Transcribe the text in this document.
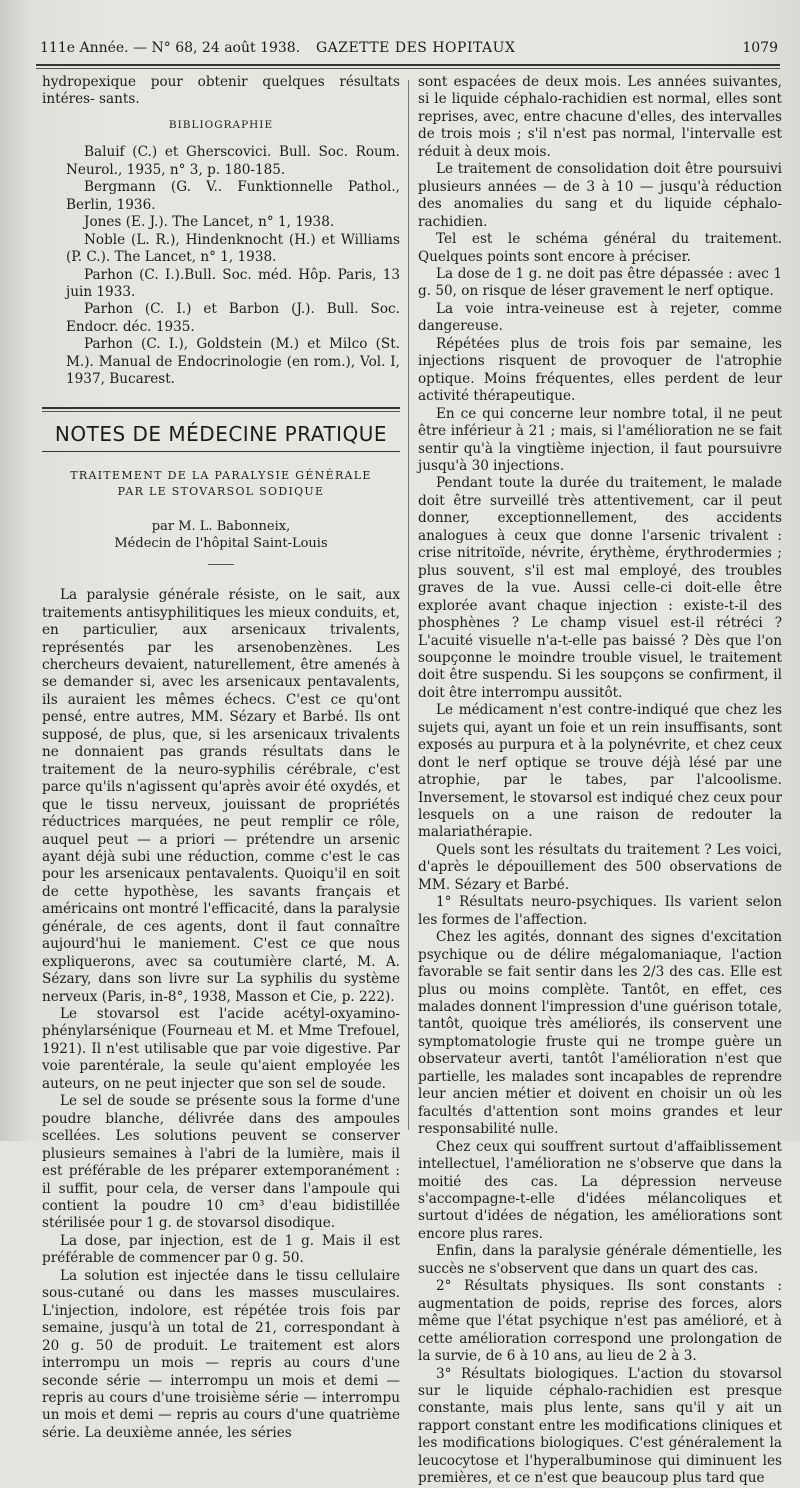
111e Année. — N° 68, 24 août 1938. GAZETTE DES HOPITAUX	1079

hydropexique pour obtenir quelques résultats intéres- sants.

BIBLIOGRAPHIE

Baluif (C.) et Gherscovici. Bull. Soc. Roum. Neurol., 1935, n° 3, p. 180-185.

Bergmann (G. V.. Funktionnelle Pathol., Berlin, 1936.

Jones (E. J.). The Lancet, n° 1, 1938.

Noble (L. R.), Hindenknocht (H.) et Williams (P. C.). The Lancet, n° 1, 1938.

Parhon (C. I.).Bull. Soc. méd. Hôp. Paris, 13 juin 1933.

Parhon (C. I.) et Barbon (J.). Bull. Soc. Endocr. déc. 1935.

Parhon (C. I.), Goldstein (M.) et Milco (St. M.). Manual de Endocrinologie (en rom.), Vol. I, 1937, Bucarest.

NOTES DE MÉDECINE PRATIQUE
TRAITEMENT DE LA PARALYSIE GÉNÉRALE
PAR LE STOVARSOL SODIQUE
par M. L. Babonneix,
Médecin de l'hôpital Saint-Louis

La paralysie générale résiste, on le sait, aux traitements antisyphilitiques les mieux conduits, et, en particulier, aux arsenicaux trivalents, représentés par les arsenobenzènes. Les chercheurs devaient, naturellement, être amenés à se demander si, avec les arsenicaux pentavalents, ils auraient les mêmes échecs. C'est ce qu'ont pensé, entre autres, MM. Sézary et Barbé. Ils ont supposé, de plus, que, si les arsenicaux trivalents ne donnaient pas grands résultats dans le traitement de la neuro-syphilis cérébrale, c'est parce qu'ils n'agissent qu'après avoir été oxydés, et que le tissu nerveux, jouissant de propriétés réductrices marquées, ne peut remplir ce rôle, auquel peut — a priori — prétendre un arsenic ayant déjà subi une réduction, comme c'est le cas pour les arsenicaux pentavalents. Quoiqu'il en soit de cette hypothèse, les savants français et américains ont montré l'efficacité, dans la paralysie générale, de ces agents, dont il faut connaître aujourd'hui le maniement. C'est ce que nous expliquerons, avec sa coutumière clarté, M. A. Sézary, dans son livre sur La syphilis du système nerveux (Paris, in-8°, 1938, Masson et Cie, p. 222).

Le stovarsol est l'acide acétyl-oxyamino-phénylarsénique (Fourneau et M. et Mme Trefouel, 1921). Il n'est utilisable que par voie digestive. Par voie parentérale, la seule qu'aient employée les auteurs, on ne peut injecter que son sel de soude.

Le sel de soude se présente sous la forme d'une poudre blanche, délivrée dans des ampoules scellées. Les solutions peuvent se conserver plusieurs semaines à l'abri de la lumière, mais il est préférable de les préparer extemporanément : il suffit, pour cela, de verser dans l'ampoule qui contient la poudre 10 cm³ d'eau bidistillée stérilisée pour 1 g. de stovarsol disodique.

La dose, par injection, est de 1 g. Mais il est préférable de commencer par 0 g. 50.

La solution est injectée dans le tissu cellulaire sous-cutané ou dans les masses musculaires. L'injection, indolore, est répétée trois fois par semaine, jusqu'à un total de 21, correspondant à 20 g. 50 de produit. Le traitement est alors interrompu un mois — repris au cours d'une seconde série — interrompu un mois et demi — repris au cours d'une troisième série — interrompu un mois et demi — repris au cours d'une quatrième série. La deuxième année, les séries

sont espacées de deux mois. Les années suivantes, si le liquide céphalo-rachidien est normal, elles sont reprises, avec, entre chacune d'elles, des intervalles de trois mois ; s'il n'est pas normal, l'intervalle est réduit à deux mois.

Le traitement de consolidation doit être poursuivi plusieurs années — de 3 à 10 — jusqu'à réduction des anomalies du sang et du liquide céphalo-rachidien.

Tel est le schéma général du traitement. Quelques points sont encore à préciser.

La dose de 1 g. ne doit pas être dépassée : avec 1 g. 50, on risque de léser gravement le nerf optique.

La voie intra-veineuse est à rejeter, comme dangereuse.

Répétées plus de trois fois par semaine, les injections risquent de provoquer de l'atrophie optique. Moins fréquentes, elles perdent de leur activité thérapeutique.

En ce qui concerne leur nombre total, il ne peut être inférieur à 21 ; mais, si l'amélioration ne se fait sentir qu'à la vingtième injection, il faut poursuivre jusqu'à 30 injections.

Pendant toute la durée du traitement, le malade doit être surveillé très attentivement, car il peut donner, exceptionnellement, des accidents analogues à ceux que donne l'arsenic trivalent : crise nitritoïde, névrite, érythème, érythrodermies ; plus souvent, s'il est mal employé, des troubles graves de la vue. Aussi celle-ci doit-elle être explorée avant chaque injection : existe-t-il des phosphènes ? Le champ visuel est-il rétréci ? L'acuité visuelle n'a-t-elle pas baissé ? Dès que l'on soupçonne le moindre trouble visuel, le traitement doit être suspendu. Si les soupçons se confirment, il doit être interrompu aussitôt.

Le médicament n'est contre-indiqué que chez les sujets qui, ayant un foie et un rein insuffisants, sont exposés au purpura et à la polynévrite, et chez ceux dont le nerf optique se trouve déjà lésé par une atrophie, par le tabes, par l'alcoolisme. Inversement, le stovarsol est indiqué chez ceux pour lesquels on a une raison de redouter la malariathérapie.

Quels sont les résultats du traitement ? Les voici, d'après le dépouillement des 500 observations de MM. Sézary et Barbé.

1° Résultats neuro-psychiques. Ils varient selon les formes de l'affection.

Chez les agités, donnant des signes d'excitation psychique ou de délire mégalomaniaque, l'action favorable se fait sentir dans les 2/3 des cas. Elle est plus ou moins complète. Tantôt, en effet, ces malades donnent l'impression d'une guérison totale, tantôt, quoique très améliorés, ils conservent une symptomatologie fruste qui ne trompe guère un observateur averti, tantôt l'amélioration n'est que partielle, les malades sont incapables de reprendre leur ancien métier et doivent en choisir un où les facultés d'attention sont moins grandes et leur responsabilité nulle.

Chez ceux qui souffrent surtout d'affaiblissement intellectuel, l'amélioration ne s'observe que dans la moitié des cas. La dépression nerveuse s'accompagne-t-elle d'idées mélancoliques et surtout d'idées de négation, les améliorations sont encore plus rares.

Enfin, dans la paralysie générale démentielle, les succès ne s'observent que dans un quart des cas.

2° Résultats physiques. Ils sont constants : augmentation de poids, reprise des forces, alors même que l'état psychique n'est pas amélioré, et à cette amélioration correspond une prolongation de la survie, de 6 à 10 ans, au lieu de 2 à 3.

3° Résultats biologiques. L'action du stovarsol sur le liquide céphalo-rachidien est presque constante, mais plus lente, sans qu'il y ait un rapport constant entre les modifications cliniques et les modifications biologiques. C'est généralement la leucocytose et l'hyperalbuminose qui diminuent les premières, et ce n'est que beaucoup plus tard que
